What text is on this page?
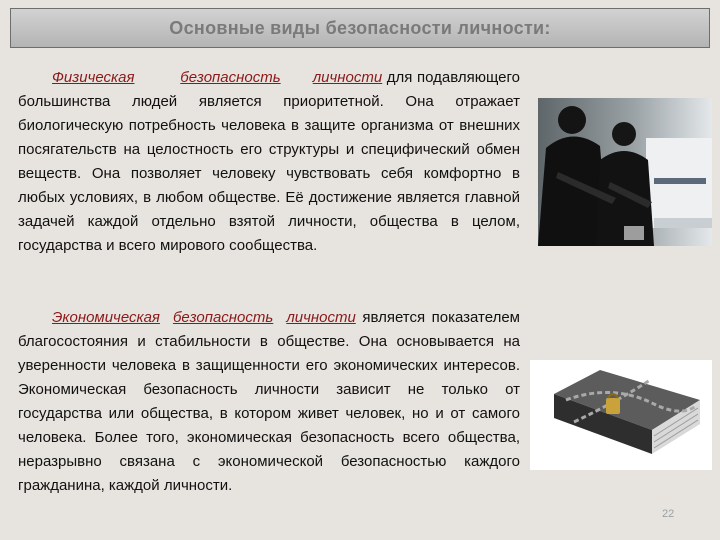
Основные виды безопасности личности:

Физическая	безопасность личности для подавляющего большинства людей является приоритетной. Она отражает биологическую потребность человека в защите организма от внешних посягательств на целостность его структуры и специфический обмен веществ. Она позволяет человеку чувствовать себя комфортно в любых условиях, в любом обществе. Её достижение является главной задачей каждой отдельно взятой личности, общества в целом, государства и всего мирового сообщества.

Экономическая безопасность личности является показателем благосостояния и стабильности в обществе. Она основывается на уверенности человека в защищенности его экономических интересов. Экономическая безопасность личности зависит не только от государства или общества, в котором живет человек, но и от самого человека. Более того, экономическая безопасность всего общества, неразрывно связана с экономической безопасностью каждого гражданина, каждой личности.

22
